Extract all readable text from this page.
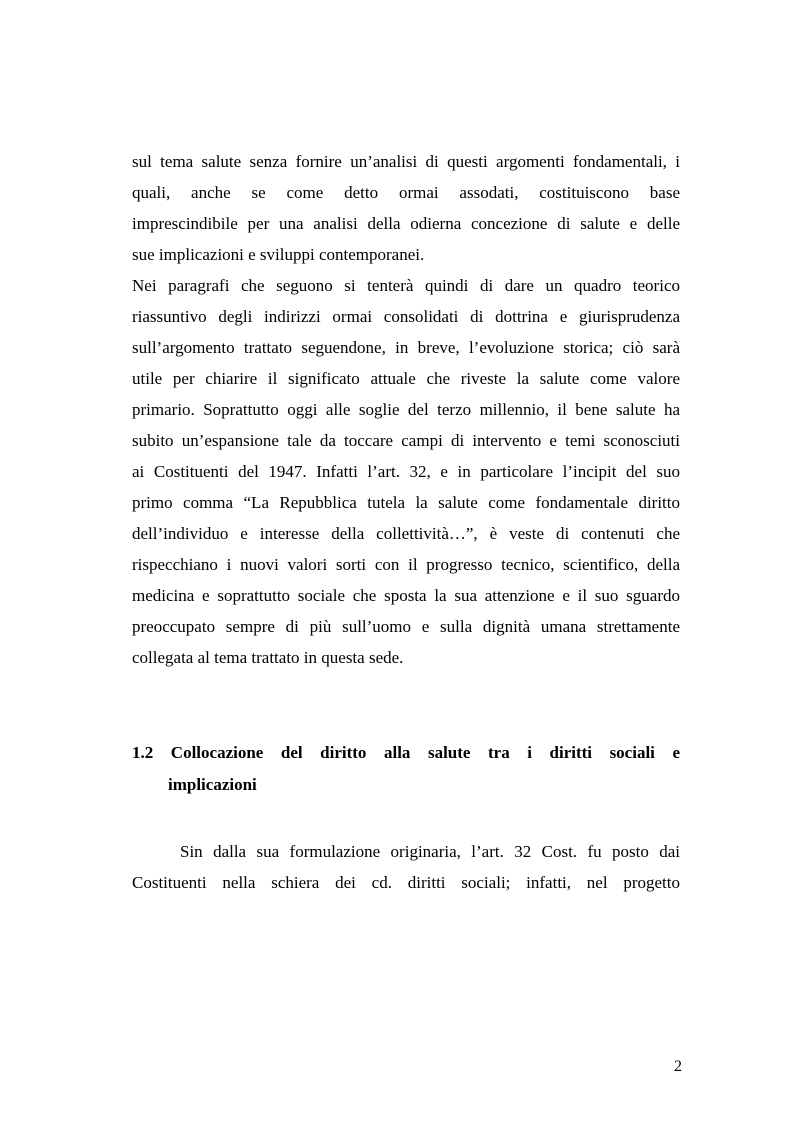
sul tema salute senza fornire un’analisi di questi argomenti fondamentali, i
quali, anche se come detto ormai assodati, costituiscono base
imprescindibile per una analisi della odierna concezione di salute e delle
sue implicazioni e sviluppi contemporanei.
Nei paragrafi che seguono si tenterà quindi di dare un quadro teorico
riassuntivo degli indirizzi ormai consolidati di dottrina e giurisprudenza
sull’argomento trattato seguendone, in breve, l’evoluzione storica; ciò sarà
utile per chiarire il significato attuale che riveste la salute come valore
primario. Soprattutto oggi alle soglie del terzo millennio, il bene salute ha
subito un’espansione tale da toccare campi di intervento e temi sconosciuti
ai Costituenti del 1947. Infatti l’art. 32, e in particolare l’incipit del suo
primo comma “La Repubblica tutela la salute come fondamentale diritto
dell’individuo e interesse della collettività…”, è veste di contenuti che
rispecchiano i nuovi valori sorti con il progresso tecnico, scientifico, della
medicina e soprattutto sociale che sposta la sua attenzione e il suo sguardo
preoccupato sempre di più sull’uomo e sulla dignità umana strettamente
collegata al tema trattato in questa sede.
1.2 Collocazione del diritto alla salute tra i diritti sociali e
implicazioni
Sin dalla sua formulazione originaria, l’art. 32 Cost. fu posto dai
Costituenti nella schiera dei cd. diritti sociali; infatti, nel progetto
2
